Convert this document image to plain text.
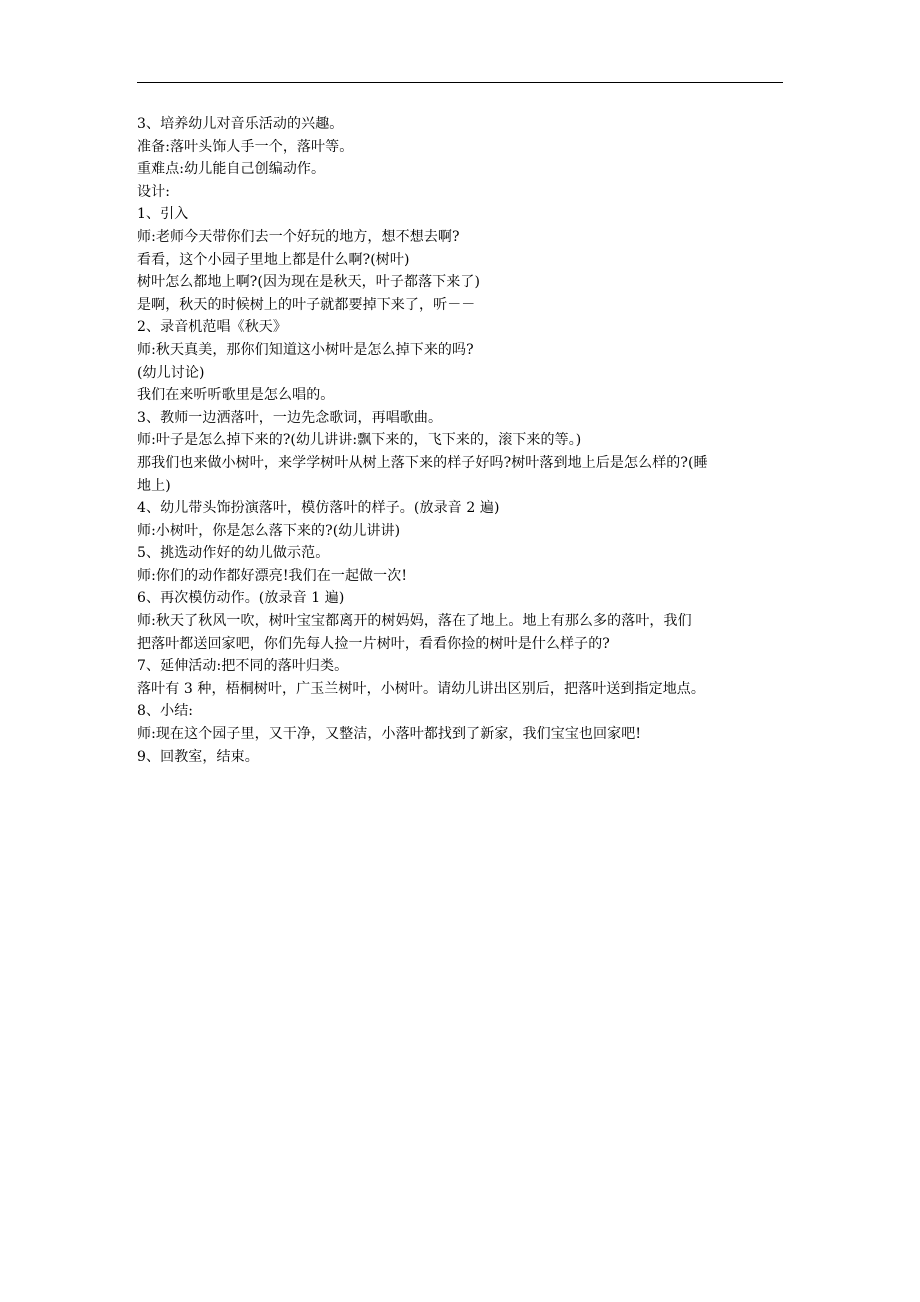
3、培养幼儿对音乐活动的兴趣。
准备:落叶头饰人手一个，落叶等。
重难点:幼儿能自己创编动作。
设计:
1、引入
师:老师今天带你们去一个好玩的地方，想不想去啊?
看看，这个小园子里地上都是什么啊?(树叶)
树叶怎么都地上啊?(因为现在是秋天，叶子都落下来了)
是啊，秋天的时候树上的叶子就都要掉下来了，听－－
2、录音机范唱《秋天》
师:秋天真美，那你们知道这小树叶是怎么掉下来的吗?
(幼儿讨论)
我们在来听听歌里是怎么唱的。
3、教师一边洒落叶，一边先念歌词，再唱歌曲。
师:叶子是怎么掉下来的?(幼儿讲讲:飘下来的，飞下来的，滚下来的等。)
那我们也来做小树叶，来学学树叶从树上落下来的样子好吗?树叶落到地上后是怎么样的?(睡
地上)
4、幼儿带头饰扮演落叶，模仿落叶的样子。(放录音 2 遍)
师:小树叶，你是怎么落下来的?(幼儿讲讲)
5、挑选动作好的幼儿做示范。
师:你们的动作都好漂亮!我们在一起做一次!
6、再次模仿动作。(放录音 1 遍)
师:秋天了秋风一吹，树叶宝宝都离开的树妈妈，落在了地上。地上有那么多的落叶，我们
把落叶都送回家吧，你们先每人捡一片树叶，看看你捡的树叶是什么样子的?
7、延伸活动:把不同的落叶归类。
落叶有 3 种，梧桐树叶，广玉兰树叶，小树叶。请幼儿讲出区别后，把落叶送到指定地点。
8、小结:
师:现在这个园子里，又干净，又整洁，小落叶都找到了新家，我们宝宝也回家吧!
9、回教室，结束。
